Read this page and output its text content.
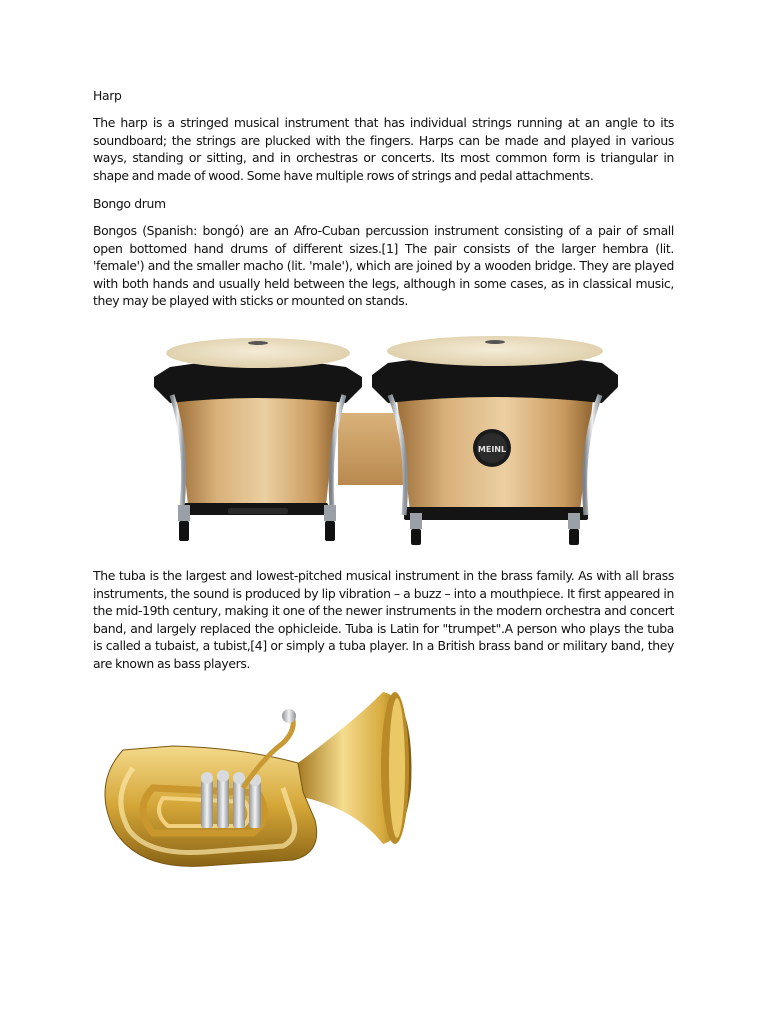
Harp

The harp is a stringed musical instrument that has individual strings running at an angle to its soundboard; the strings are plucked with the fingers. Harps can be made and played in various ways, standing or sitting, and in orchestras or concerts. Its most common form is triangular in shape and made of wood. Some have multiple rows of strings and pedal attachments.

Bongo drum

Bongos (Spanish: bongó) are an Afro-Cuban percussion instrument consisting of a pair of small open bottomed hand drums of different sizes.[1] The pair consists of the larger hembra (lit. 'female') and the smaller macho (lit. 'male'), which are joined by a wooden bridge. They are played with both hands and usually held between the legs, although in some cases, as in classical music, they may be played with sticks or mounted on stands.

MEINL

The tuba is the largest and lowest-pitched musical instrument in the brass family. As with all brass instruments, the sound is produced by lip vibration – a buzz – into a mouthpiece. It first appeared in the mid-19th century, making it one of the newer instruments in the modern orchestra and concert band, and largely replaced the ophicleide. Tuba is Latin for "trumpet".A person who plays the tuba is called a tubaist, a tubist,[4] or simply a tuba player. In a British brass band or military band, they are known as bass players.
